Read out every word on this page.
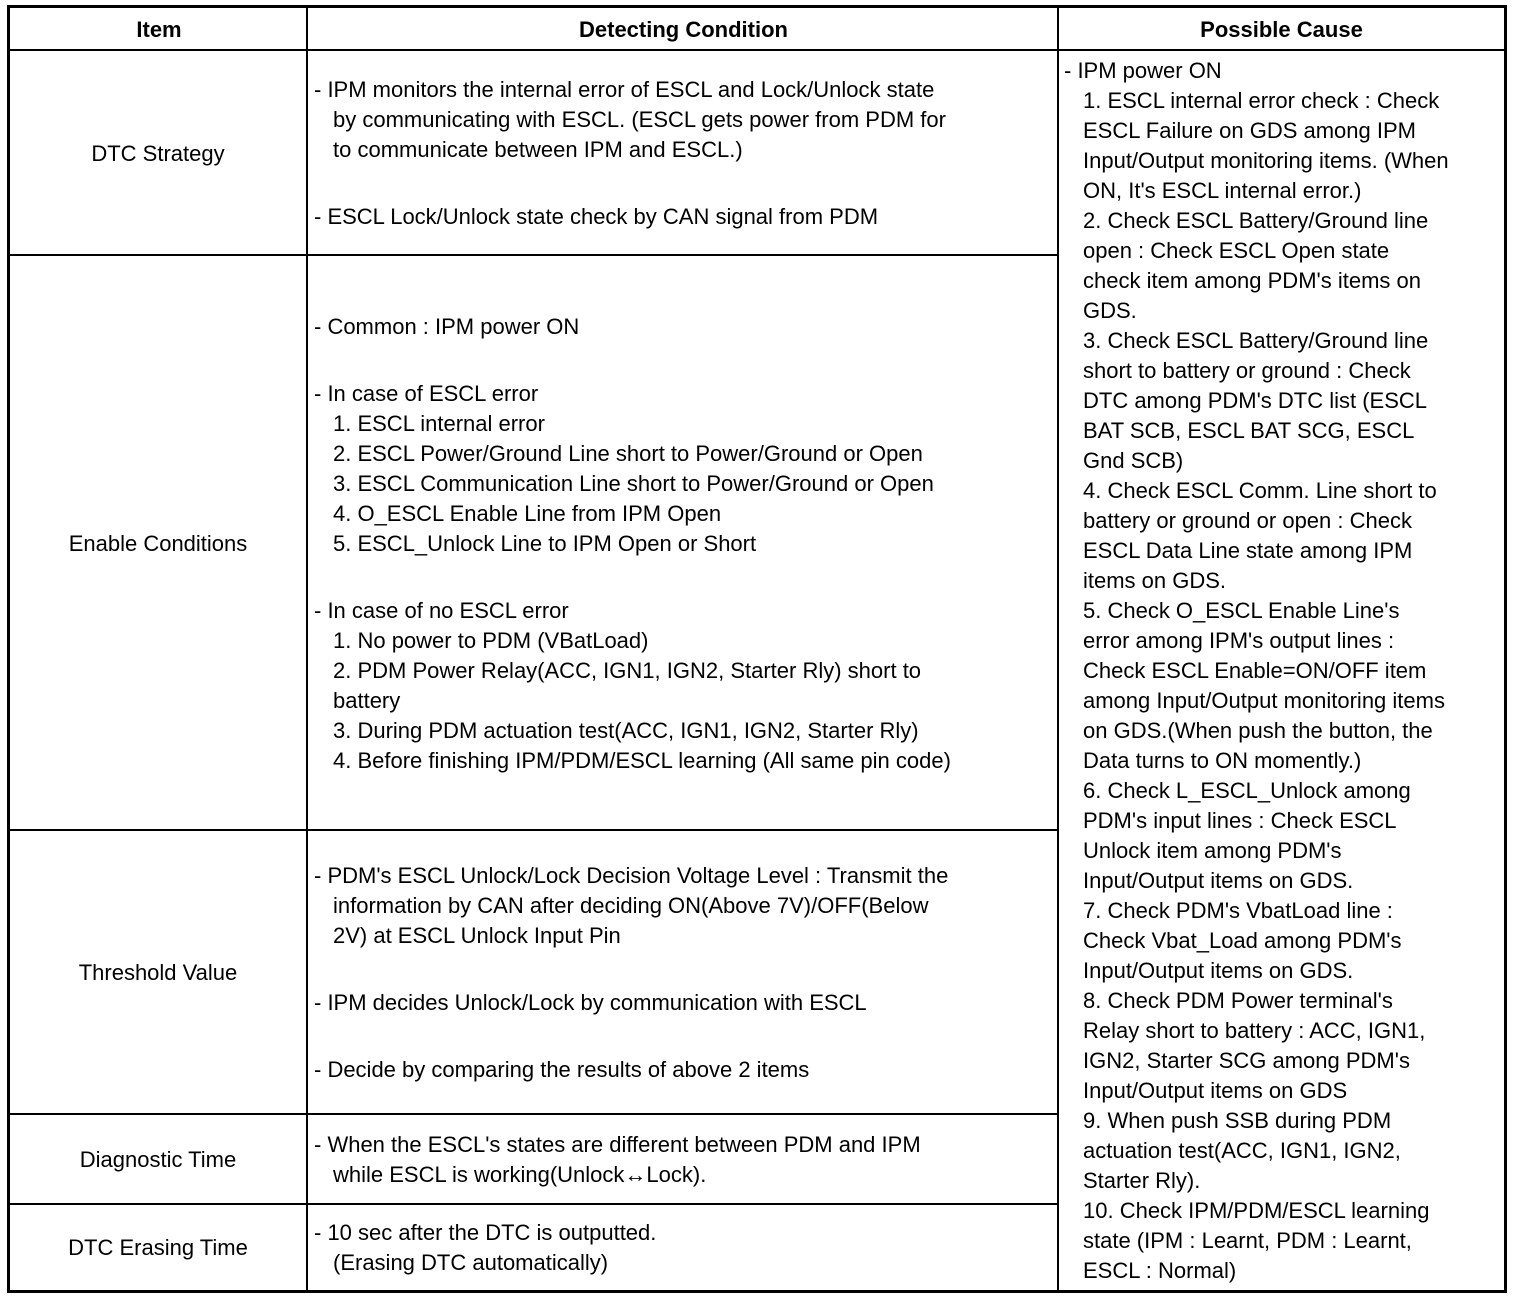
Item	Detecting Condition	Possible Cause
- IPM power ON
1. ESCL internal error check : Check
ESCL Failure on GDS among IPM
Input/Output monitoring items. (When
ON, It's ESCL internal error.)
2. Check ESCL Battery/Ground line
open : Check ESCL Open state
check item among PDM's items on
GDS.
3. Check ESCL Battery/Ground line
short to battery or ground : Check
DTC among PDM's DTC list (ESCL
BAT SCB, ESCL BAT SCG, ESCL
Gnd SCB)
4. Check ESCL Comm. Line short to
battery or ground or open : Check
ESCL Data Line state among IPM
items on GDS.
5. Check O_ESCL Enable Line's
error among IPM's output lines :
Check ESCL Enable=ON/OFF item
among Input/Output monitoring items
on GDS.(When push the button, the
Data turns to ON momently.)
6. Check L_ESCL_Unlock among
PDM's input lines : Check ESCL
Unlock item among PDM's
Input/Output items on GDS.
7. Check PDM's VbatLoad line :
Check Vbat_Load among PDM's
Input/Output items on GDS.
8. Check PDM Power terminal's
Relay short to battery : ACC, IGN1,
IGN2, Starter SCG among PDM's
Input/Output items on GDS
9. When push SSB during PDM
actuation test(ACC, IGN1, IGN2,
Starter Rly).
10. Check IPM/PDM/ESCL learning
state (IPM : Learnt, PDM : Learnt,
ESCL : Normal)
DTC Strategy
- IPM monitors the internal error of ESCL and Lock/Unlock state
by communicating with ESCL. (ESCL gets power from PDM for
to communicate between IPM and ESCL.)
- ESCL Lock/Unlock state check by CAN signal from PDM
Enable Conditions
- Common : IPM power ON
- In case of ESCL error
1. ESCL internal error
2. ESCL Power/Ground Line short to Power/Ground or Open
3. ESCL Communication Line short to Power/Ground or Open
4. O_ESCL Enable Line from IPM Open
5. ESCL_Unlock Line to IPM Open or Short
- In case of no ESCL error
1. No power to PDM (VBatLoad)
2. PDM Power Relay(ACC, IGN1, IGN2, Starter Rly) short to
battery
3. During PDM actuation test(ACC, IGN1, IGN2, Starter Rly)
4. Before finishing IPM/PDM/ESCL learning (All same pin code)
Threshold Value
- PDM's ESCL Unlock/Lock Decision Voltage Level : Transmit the
information by CAN after deciding ON(Above 7V)/OFF(Below
2V) at ESCL Unlock Input Pin
- IPM decides Unlock/Lock by communication with ESCL
- Decide by comparing the results of above 2 items
Diagnostic Time
- When the ESCL's states are different between PDM and IPM
while ESCL is working(Unlock↔Lock).
DTC Erasing Time
- 10 sec after the DTC is outputted.
(Erasing DTC automatically)
